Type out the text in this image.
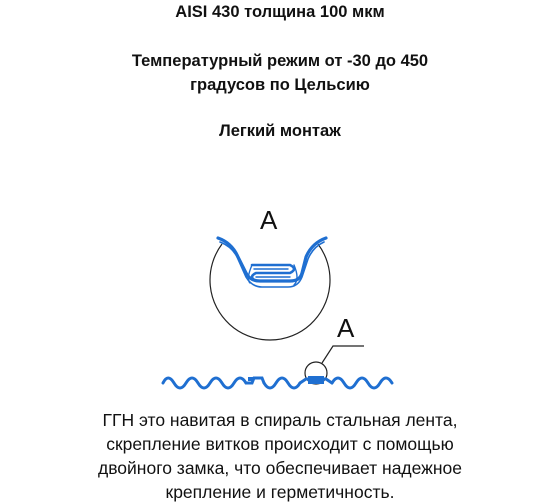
AISI 430 толщина 100 мкм
Температурный режим от -30 до 450
градусов по Цельсию
Легкий монтаж
А
А
ГГН это навитая в спираль стальная лента,
скрепление витков происходит с помощью
двойного замка, что обеспечивает надежное
крепление и герметичность.
